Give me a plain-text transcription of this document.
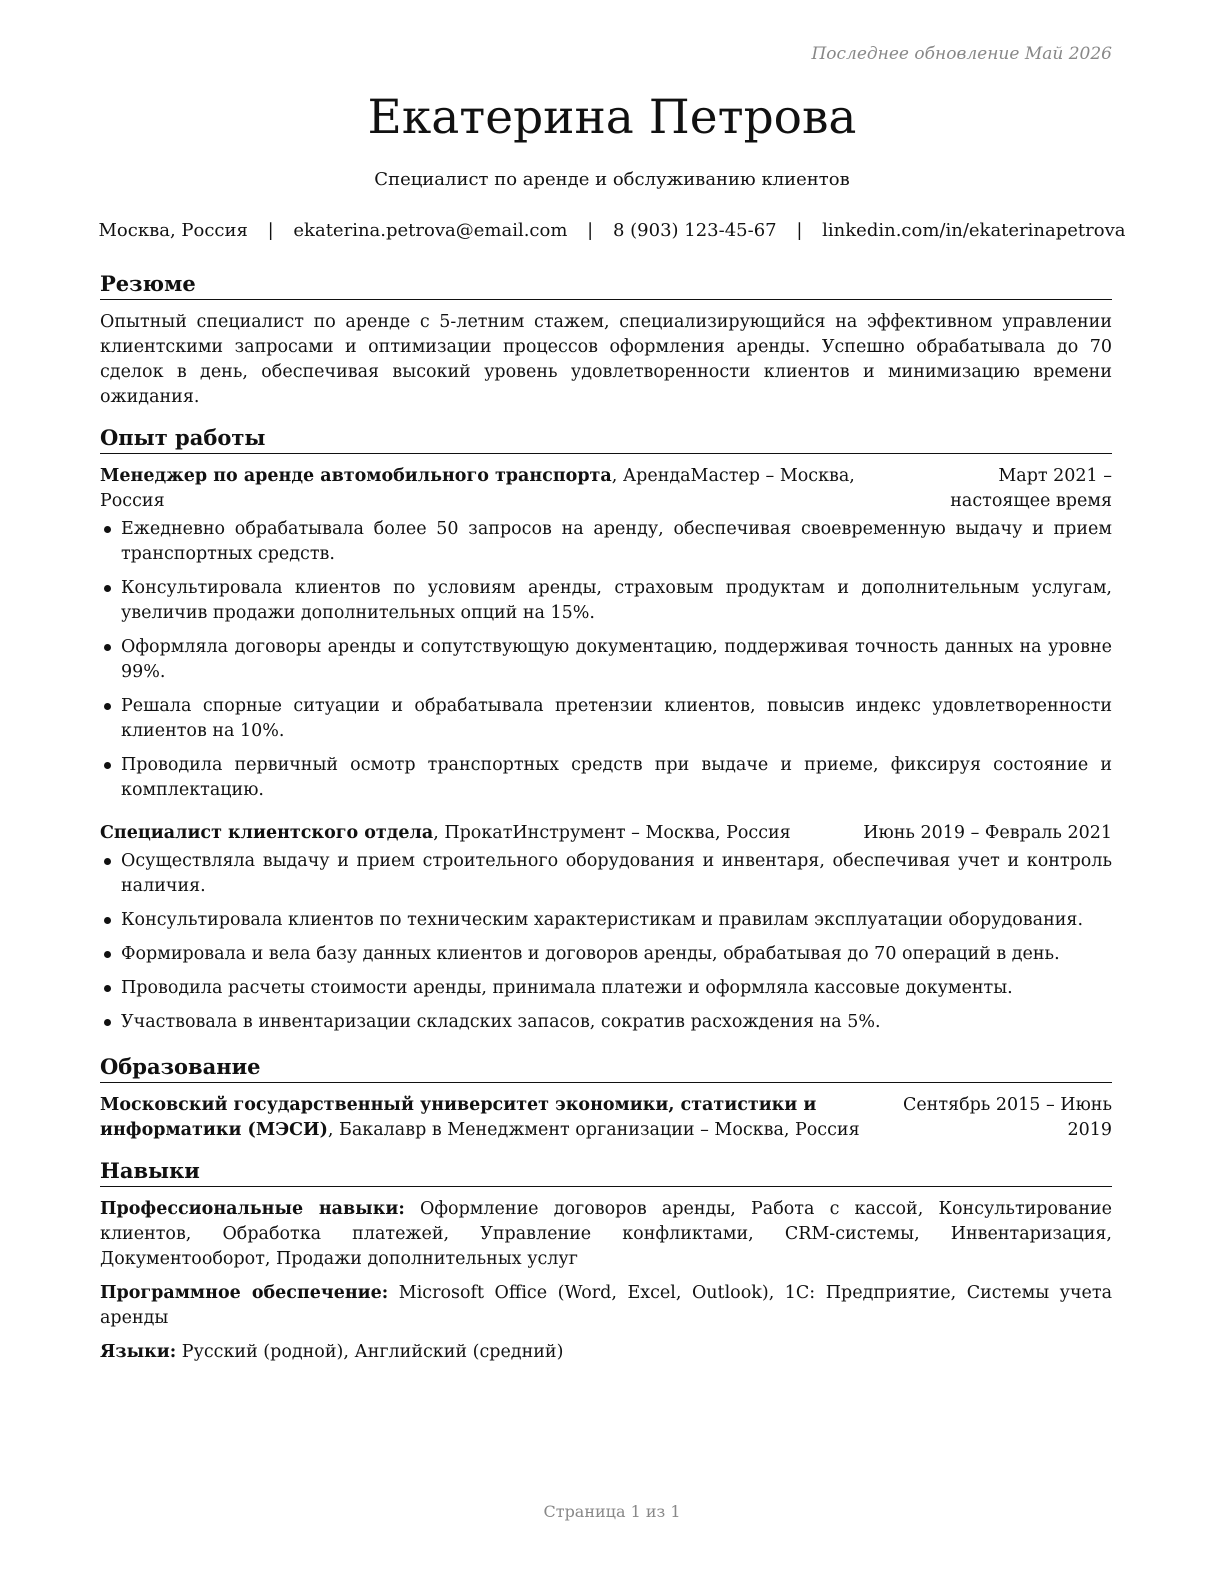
Последнее обновление Май 2026
Екатерина Петрова
Специалист по аренде и обслуживанию клиентов
Москва, Россия | ekaterina.petrova@email.com | 8 (903) 123-45-67 | linkedin.com/in/ekaterinapetrova
Резюме

Опытный специалист по аренде с 5-летним стажем, специализирующийся на эффективном управлении клиентскими запросами и оптимизации процессов оформления аренды. Успешно обрабатывала до 70 сделок в день, обеспечивая высокий уровень удовлетворенности клиентов и минимизацию времени ожидания.

Опыт работы
Менеджер по аренде автомобильного транспорта, АрендаМастер – Москва, Россия
Март 2021 – настоящее время
Ежедневно обрабатывала более 50 запросов на аренду, обеспечивая своевременную выдачу и прием транспортных средств.
Консультировала клиентов по условиям аренды, страховым продуктам и дополнительным услугам, увеличив продажи дополнительных опций на 15%.
Оформляла договоры аренды и сопутствующую документацию, поддерживая точность данных на уровне 99%.
Решала спорные ситуации и обрабатывала претензии клиентов, повысив индекс удовлетворенности клиентов на 10%.
Проводила первичный осмотр транспортных средств при выдаче и приеме, фиксируя состояние и комплектацию.
Специалист клиентского отдела, ПрокатИнструмент – Москва, Россия	Июнь 2019 – Февраль 2021
Осуществляла выдачу и прием строительного оборудования и инвентаря, обеспечивая учет и контроль наличия.
Консультировала клиентов по техническим характеристикам и правилам эксплуатации оборудования.
Формировала и вела базу данных клиентов и договоров аренды, обрабатывая до 70 операций в день.
Проводила расчеты стоимости аренды, принимала платежи и оформляла кассовые документы.
Участвовала в инвентаризации складских запасов, сократив расхождения на 5%.
Образование
Московский государственный университет экономики, статистики и информатики (МЭСИ), Бакалавр в Менеджмент организации – Москва, Россия
Сентябрь 2015 – Июнь 2019
Навыки

Профессиональные навыки: Оформление договоров аренды, Работа с кассой, Консультирование клиентов, Обработка платежей, Управление конфликтами, CRM-системы, Инвентаризация, Документооборот, Продажи дополнительных услуг

Программное обеспечение: Microsoft Office (Word, Excel, Outlook), 1С: Предприятие, Системы учета аренды

Языки: Русский (родной), Английский (средний)

Страница 1 из 1
